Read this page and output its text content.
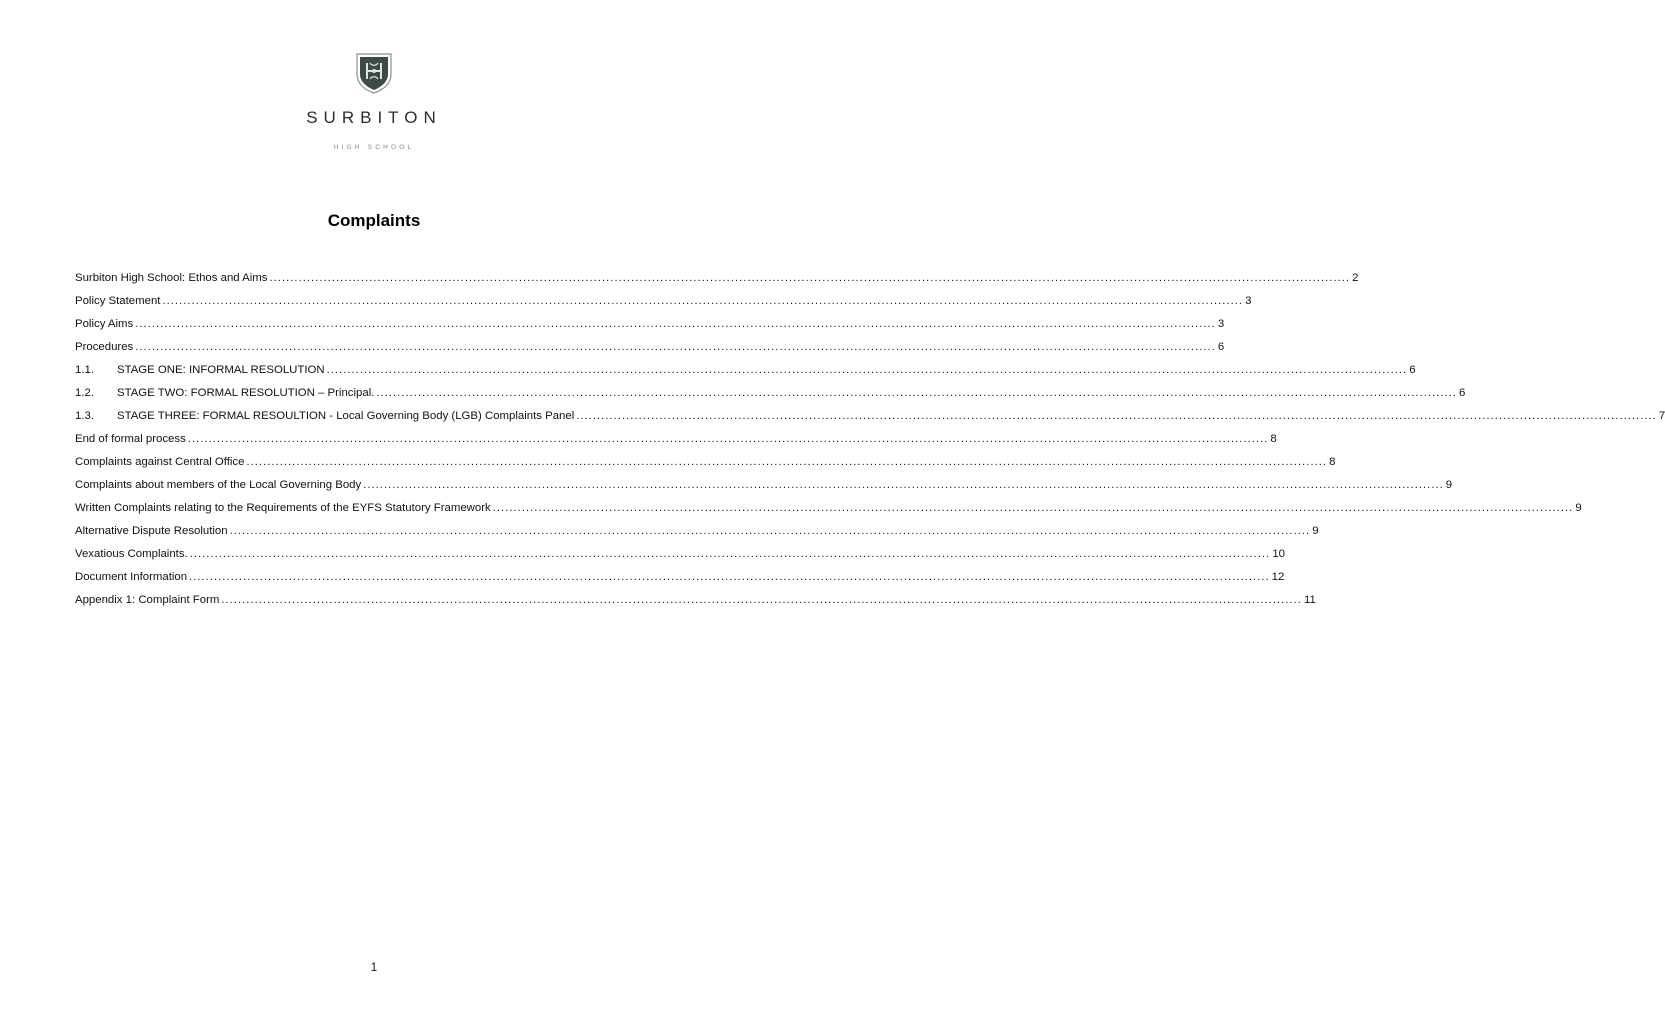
SURBITON
HIGH SCHOOL
Complaints
Surbiton High School: Ethos and Aims .................................................................................................................................................................................................................................................................... 2
Policy Statement .................................................................................................................................................................................................................................................................... 3
Policy Aims .................................................................................................................................................................................................................................................................... 3
Procedures .................................................................................................................................................................................................................................................................... 6
1.1.	STAGE ONE: INFORMAL RESOLUTION .................................................................................................................................................................................................................................................................... 6
1.2.	STAGE TWO: FORMAL RESOLUTION – Principal. .................................................................................................................................................................................................................................................................... 6
1.3.	STAGE THREE: FORMAL RESOULTION - Local Governing Body (LGB) Complaints Panel .................................................................................................................................................................................................................................................................... 7
End of formal process .................................................................................................................................................................................................................................................................... 8
Complaints against Central Office .................................................................................................................................................................................................................................................................... 8
Complaints about members of the Local Governing Body .................................................................................................................................................................................................................................................................... 9
Written Complaints relating to the Requirements of the EYFS Statutory Framework .................................................................................................................................................................................................................................................................... 9
Alternative Dispute Resolution .................................................................................................................................................................................................................................................................... 9
Vexatious Complaints. .................................................................................................................................................................................................................................................................... 10
Document Information .................................................................................................................................................................................................................................................................... 12
Appendix 1: Complaint Form .................................................................................................................................................................................................................................................................... 11
1
